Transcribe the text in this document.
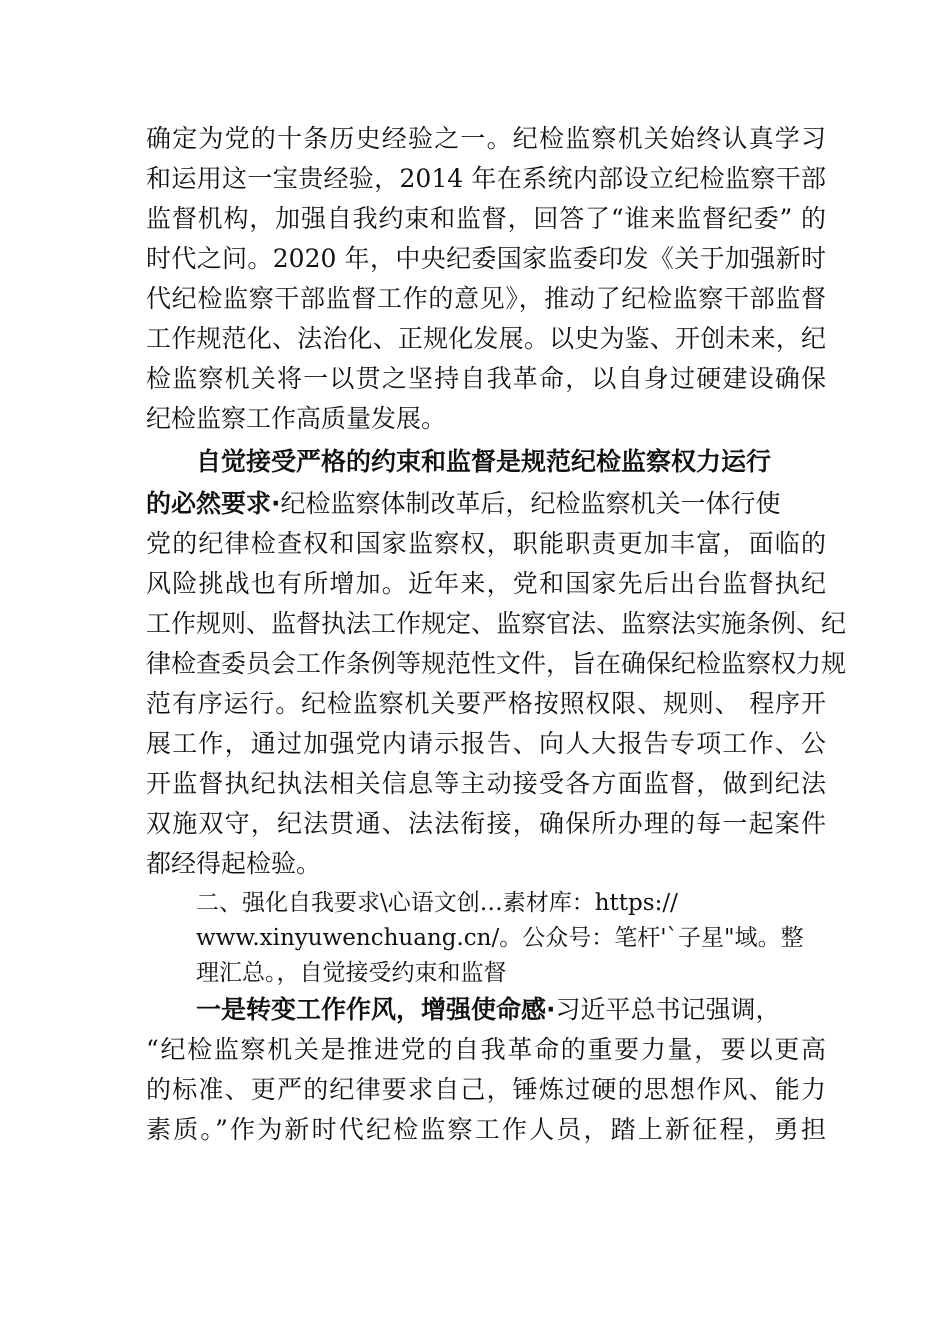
确定为党的十条历史经验之一。纪检监察机关始终认真学习
和运用这一宝贵经验，2014 年在系统内部设立纪检监察干部
监督机构，加强自我约束和监督，回答了“谁来监督纪委” 的
时代之问。2020 年，中央纪委国家监委印发《关于加强新时
代纪检监察干部监督工作的意见》，推动了纪检监察干部监督
工作规范化、法治化、正规化发展。以史为鉴、开创未来，纪
检监察机关将一以贯之坚持自我革命，以自身过硬建设确保
纪检监察工作高质量发展。
自觉接受严格的约束和监督是规范纪检监察权力运行
的必然要求·纪检监察体制改革后，纪检监察机关一体行使
党的纪律检查权和国家监察权，职能职责更加丰富，面临的
风险挑战也有所增加。近年来，党和国家先后出台监督执纪
工作规则、监督执法工作规定、监察官法、监察法实施条例、纪
律检查委员会工作条例等规范性文件，旨在确保纪检监察权力规
范有序运行。纪检监察机关要严格按照权限、规则、 程序开
展工作，通过加强党内请示报告、向人大报告专项工作、公
开监督执纪执法相关信息等主动接受各方面监督，做到纪法
双施双守，纪法贯通、法法衔接，确保所办理的每一起案件
都经得起检验。
二、强化自我要求\心语文创…素材库：https://
www.xinyuwenchuang.cn/。公众号：笔杆'`子星"域。整
理汇总。，自觉接受约束和监督
一是转变工作作风，增强使命感·习近平总书记强调，
“纪检监察机关是推进党的自我革命的重要力量，要以更高
的标准、更严的纪律要求自己，锤炼过硬的思想作风、能力
素质。”作为新时代纪检监察工作人员，踏上新征程，勇担
